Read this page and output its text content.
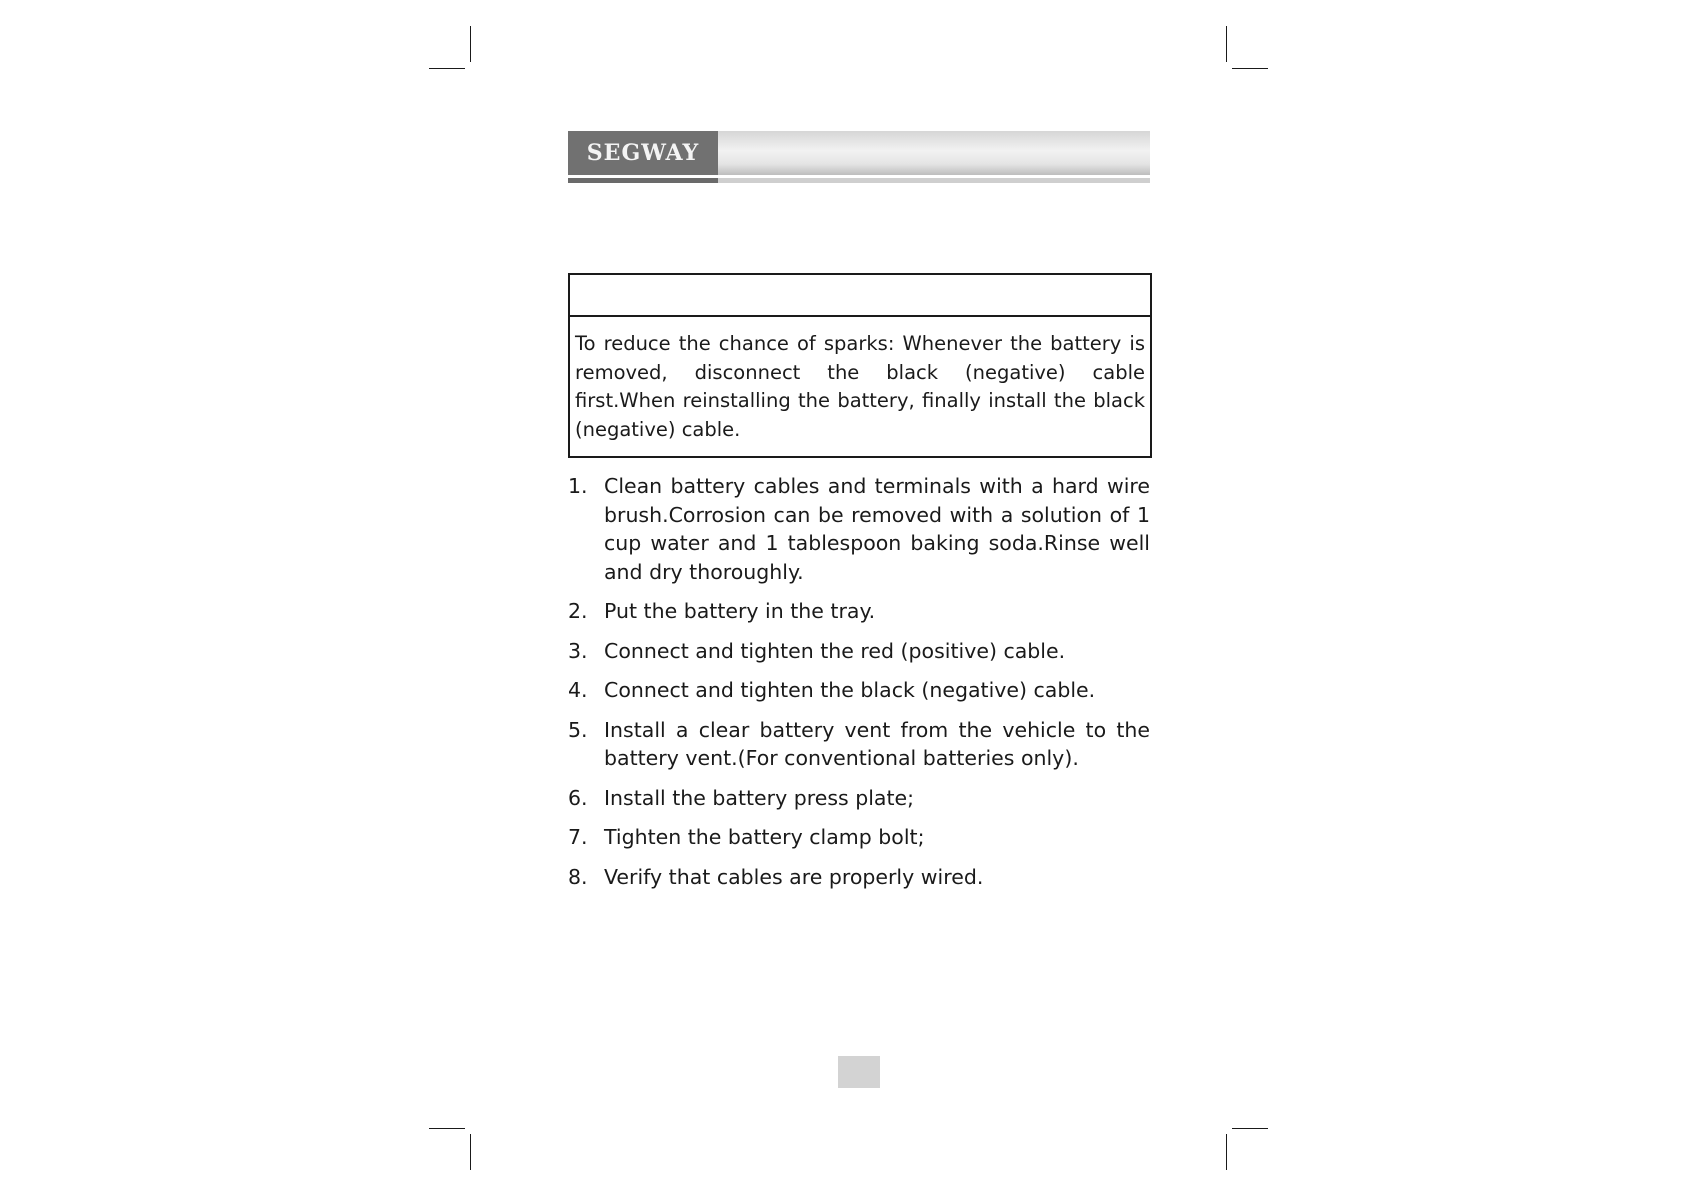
SEGWAY
To reduce the chance of sparks: Whenever the battery is removed, disconnect the black (negative) cable first.When reinstalling the battery, finally install the black (negative) cable.
1. Clean battery cables and terminals with a hard wire brush.Corrosion can be removed with a solution of 1 cup water and 1 tablespoon baking soda.Rinse well and dry thoroughly.
2. Put the battery in the tray.
3. Connect and tighten the red (positive) cable.
4. Connect and tighten the black (negative) cable.
5. Install a clear battery vent from the vehicle to the battery vent.(For conventional batteries only).
6. Install the battery press plate;
7. Tighten the battery clamp bolt;
8. Verify that cables are properly wired.
